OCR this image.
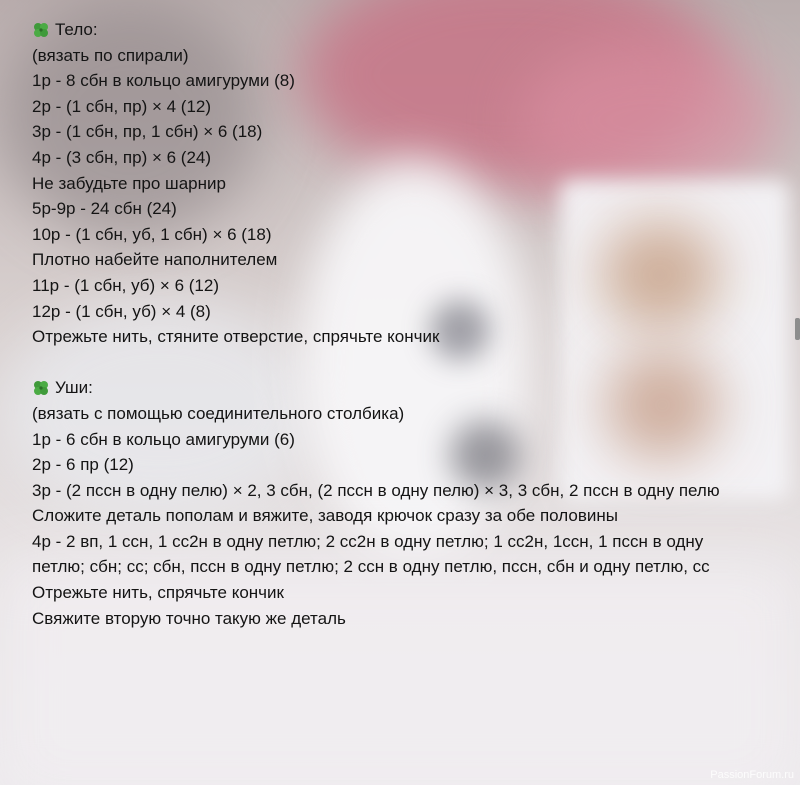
Тело:
(вязать по спирали)
1р - 8 сбн в кольцо амигуруми (8)
2р - (1 сбн, пр) × 4 (12)
3р - (1 сбн, пр, 1 сбн) × 6 (18)
4р - (3 сбн, пр) × 6 (24)
Не забудьте про шарнир
5р-9р - 24 сбн (24)
10р - (1 сбн, уб, 1 сбн) × 6 (18)
Плотно набейте наполнителем
11р - (1 сбн, уб) × 6 (12)
12р - (1 сбн, уб) × 4 (8)
Отрежьте нить, стяните отверстие, спрячьте кончик
Уши:
(вязать с помощью соединительного столбика)
1р - 6 сбн в кольцо амигуруми (6)
2р - 6 пр (12)
3р - (2 пссн в одну пелю) × 2, 3 сбн, (2 пссн в одну пелю) × 3, 3 сбн, 2 пссн в одну пелю
Сложите деталь пополам и вяжите, заводя крючок сразу за обе половины
4р - 2 вп, 1 ссн, 1 сс2н в одну петлю; 2 сс2н в одну петлю; 1 сс2н, 1ссн, 1 пссн в одну петлю; сбн; сс; сбн, пссн в одну петлю; 2 ссн в одну петлю, пссн, сбн и одну петлю, сс
Отрежьте нить, спрячьте кончик
Свяжите вторую точно такую же деталь
PassionForum.ru
